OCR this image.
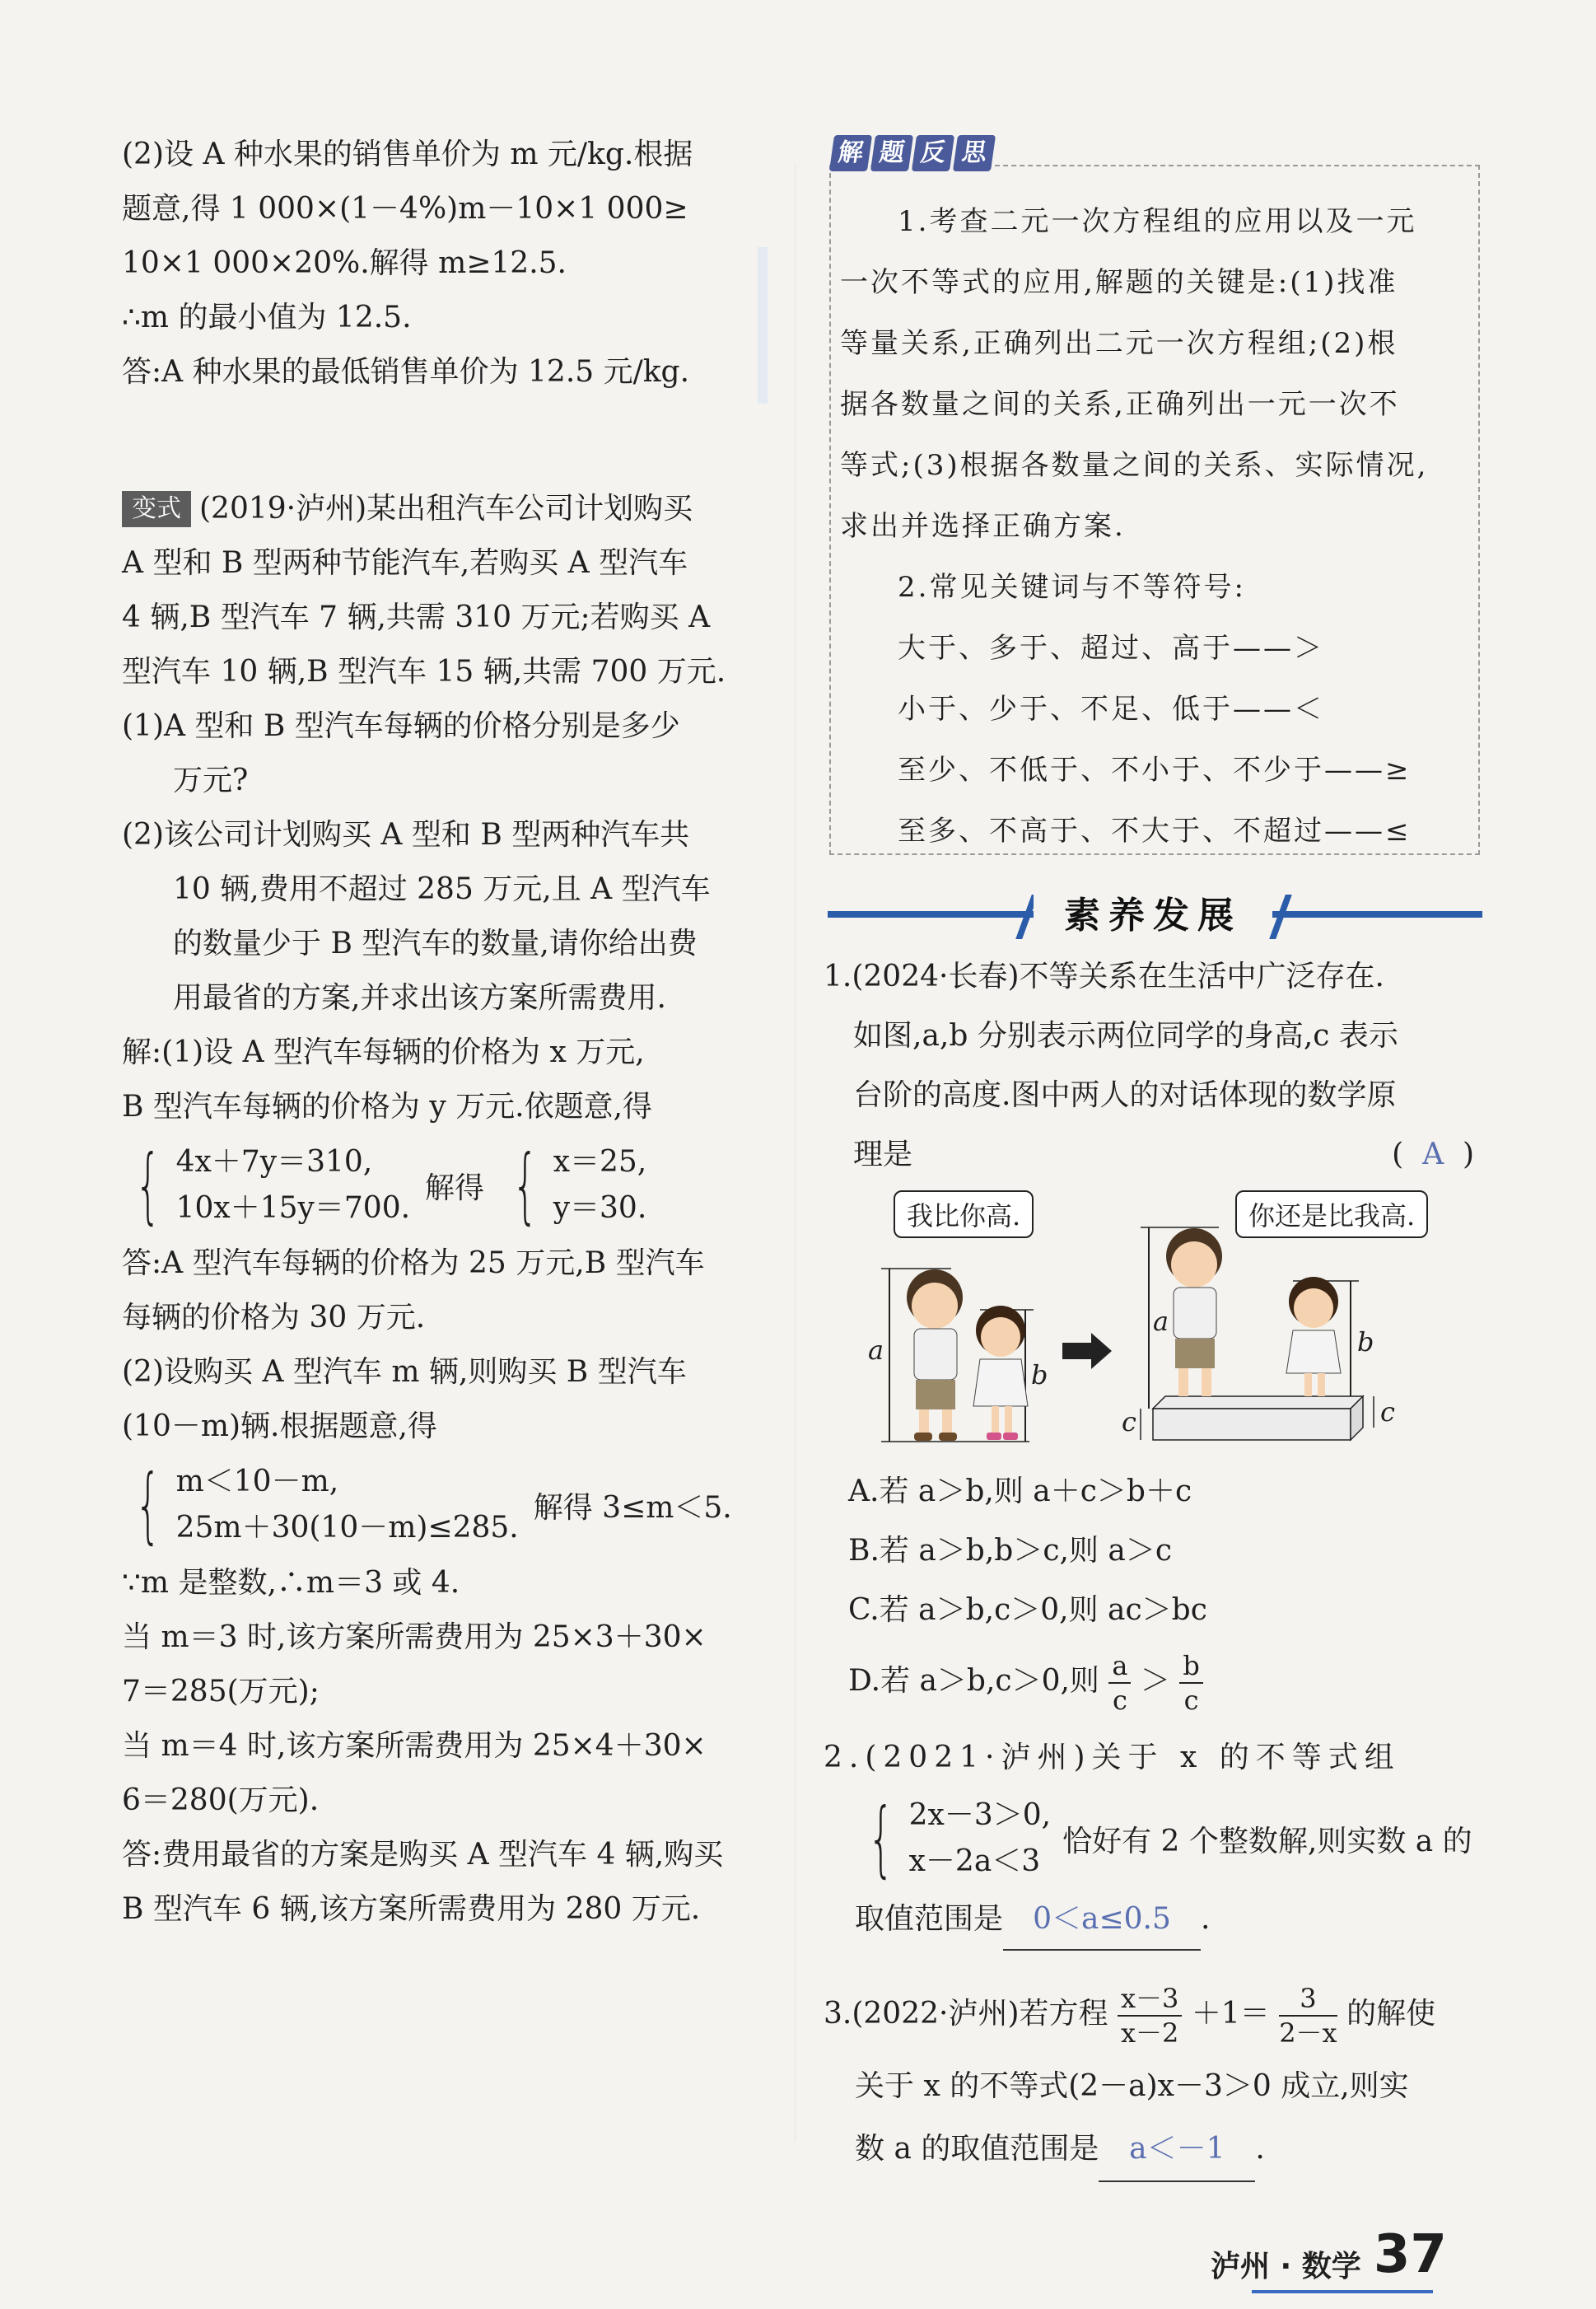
(2)设 A 种水果的销售单价为 m 元/kg.根据
题意,得 1 000×(1－4%)m－10×1 000≥
10×1 000×20%.解得 m≥12.5.
∴m 的最小值为 12.5.
答:A 种水果的最低销售单价为 12.5 元/kg.
变式 (2019·泸州)某出租汽车公司计划购买
A 型和 B 型两种节能汽车,若购买 A 型汽车
4 辆,B 型汽车 7 辆,共需 310 万元;若购买 A
型汽车 10 辆,B 型汽车 15 辆,共需 700 万元.
(1)A 型和 B 型汽车每辆的价格分别是多少
万元?
(2)该公司计划购买 A 型和 B 型两种汽车共
10 辆,费用不超过 285 万元,且 A 型汽车
的数量少于 B 型汽车的数量,请你给出费
用最省的方案,并求出该方案所需费用.
解:(1)设 A 型汽车每辆的价格为 x 万元,
B 型汽车每辆的价格为 y 万元.依题意,得
{ 4x＋7y＝310,
10x＋15y＝700.
解得 { x＝25,
y＝30.
答:A 型汽车每辆的价格为 25 万元,B 型汽车
每辆的价格为 30 万元.
(2)设购买 A 型汽车 m 辆,则购买 B 型汽车
(10－m)辆.根据题意,得
{ m＜10－m,
25m＋30(10－m)≤285.
解得 3≤m＜5.
∵m 是整数,∴m＝3 或 4.
当 m＝3 时,该方案所需费用为 25×3＋30×
7＝285(万元);
当 m＝4 时,该方案所需费用为 25×4＋30×
6＝280(万元).
答:费用最省的方案是购买 A 型汽车 4 辆,购买
B 型汽车 6 辆,该方案所需费用为 280 万元.
解 题 反 思
1.考查二元一次方程组的应用以及一元
一次不等式的应用,解题的关键是:(1)找准
等量关系,正确列出二元一次方程组;(2)根
据各数量之间的关系,正确列出一元一次不
等式;(3)根据各数量之间的关系、实际情况,
求出并选择正确方案.
2.常见关键词与不等符号:
大于、多于、超过、高于——＞
小于、少于、不足、低于——＜
至少、不低于、不小于、不少于——≥
至多、不高于、不大于、不超过——≤
素养发展
1.(2024·长春)不等关系在生活中广泛存在.
如图,a,b 分别表示两位同学的身高,c 表示
台阶的高度.图中两人的对话体现的数学原
理是	(  A  )
我比你高.	你还是比我高.
a
b
a
b
c	c
A.若 a＞b,则 a＋c＞b＋c
B.若 a＞b,b＞c,则 a＞c
C.若 a＞b,c＞0,则 ac＞bc
D.若 a＞b,c＞0,则 $\frac{a}{c} > \frac{b}{c}$
2.(2021·泸州)关于 x 的不等式组
{ 2x－3＞0,
x－2a＜3
恰好有 2 个整数解,则实数 a 的
取值范围是 0＜a≤0.5 .
3.(2022·泸州)若方程 $\frac{x-3}{x-2} +1= \frac{3}{2-x}$ 的解使
关于 x 的不等式(2－a)x－3＞0 成立,则实
数 a 的取值范围是 a＜－1 .
泸州 · 数学 37
